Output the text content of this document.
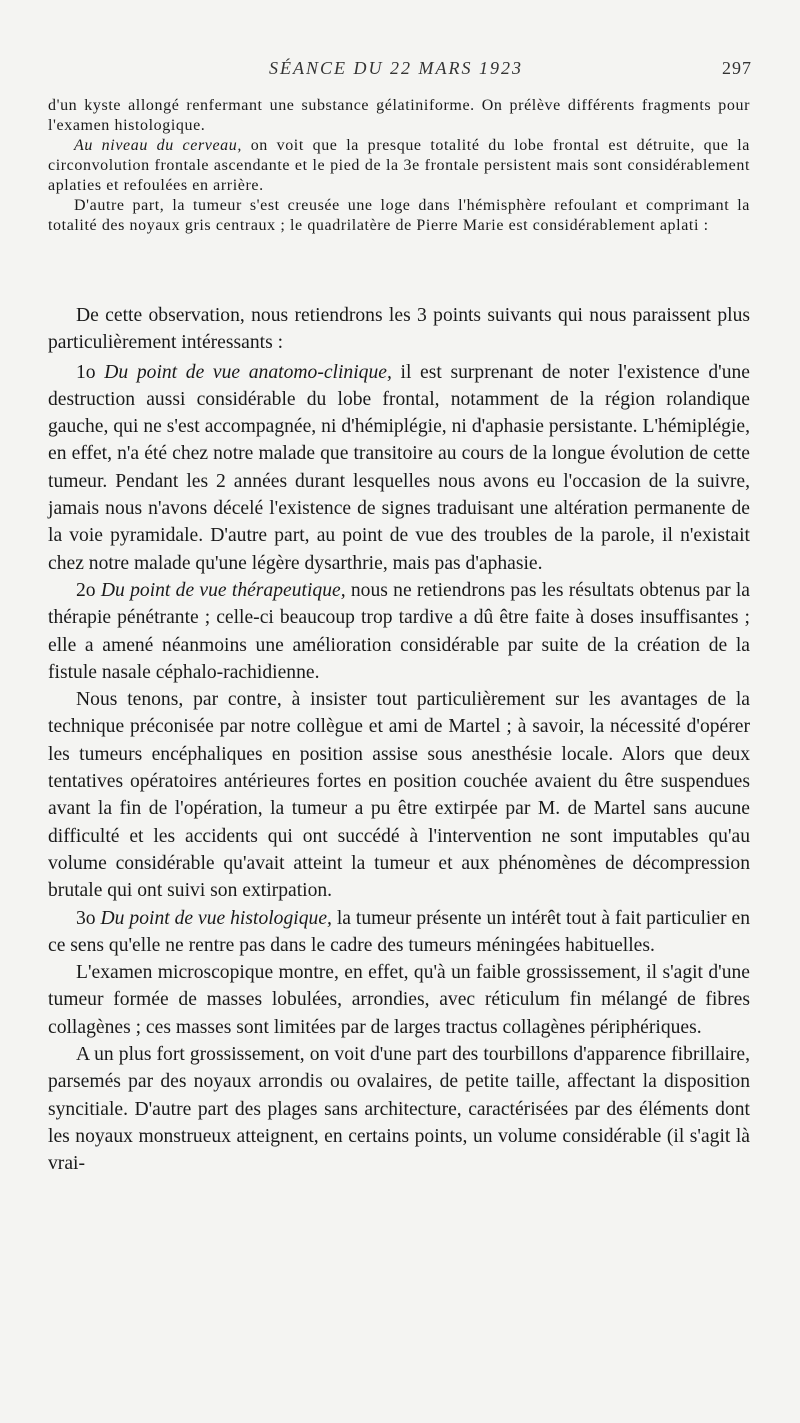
SÉANCE DU 22 MARS 1923	297

d'un kyste allongé renfermant une substance gélatiniforme. On prélève différents fragments pour l'examen histologique.

Au niveau du cerveau, on voit que la presque totalité du lobe frontal est détruite, que la circonvolution frontale ascendante et le pied de la 3e frontale persistent mais sont considérablement aplaties et refoulées en arrière.

D'autre part, la tumeur s'est creusée une loge dans l'hémisphère refoulant et comprimant la totalité des noyaux gris centraux ; le quadrilatère de Pierre Marie est considérablement aplati :

De cette observation, nous retiendrons les 3 points suivants qui nous paraissent plus particulièrement intéressants :

1o Du point de vue anatomo-clinique, il est surprenant de noter l'existence d'une destruction aussi considérable du lobe frontal, notamment de la région rolandique gauche, qui ne s'est accompagnée, ni d'hémiplégie, ni d'aphasie persistante. L'hémiplégie, en effet, n'a été chez notre malade que transitoire au cours de la longue évolution de cette tumeur. Pendant les 2 années durant lesquelles nous avons eu l'occasion de la suivre, jamais nous n'avons décelé l'existence de signes traduisant une altération permanente de la voie pyramidale. D'autre part, au point de vue des troubles de la parole, il n'existait chez notre malade qu'une légère dysarthrie, mais pas d'aphasie.

2o Du point de vue thérapeutique, nous ne retiendrons pas les résultats obtenus par la thérapie pénétrante ; celle-ci beaucoup trop tardive a dû être faite à doses insuffisantes ; elle a amené néanmoins une amélioration considérable par suite de la création de la fistule nasale céphalo-rachidienne.

Nous tenons, par contre, à insister tout particulièrement sur les avantages de la technique préconisée par notre collègue et ami de Martel ; à savoir, la nécessité d'opérer les tumeurs encéphaliques en position assise sous anesthésie locale. Alors que deux tentatives opératoires antérieures fortes en position couchée avaient du être suspendues avant la fin de l'opération, la tumeur a pu être extirpée par M. de Martel sans aucune difficulté et les accidents qui ont succédé à l'intervention ne sont imputables qu'au volume considérable qu'avait atteint la tumeur et aux phénomènes de décompression brutale qui ont suivi son extirpation.

3o Du point de vue histologique, la tumeur présente un intérêt tout à fait particulier en ce sens qu'elle ne rentre pas dans le cadre des tumeurs méningées habituelles.

L'examen microscopique montre, en effet, qu'à un faible grossissement, il s'agit d'une tumeur formée de masses lobulées, arrondies, avec réticulum fin mélangé de fibres collagènes ; ces masses sont limitées par de larges tractus collagènes périphériques.

A un plus fort grossissement, on voit d'une part des tourbillons d'apparence fibrillaire, parsemés par des noyaux arrondis ou ovalaires, de petite taille, affectant la disposition syncitiale. D'autre part des plages sans architecture, caractérisées par des éléments dont les noyaux monstrueux atteignent, en certains points, un volume considérable (il s'agit là vrai-
